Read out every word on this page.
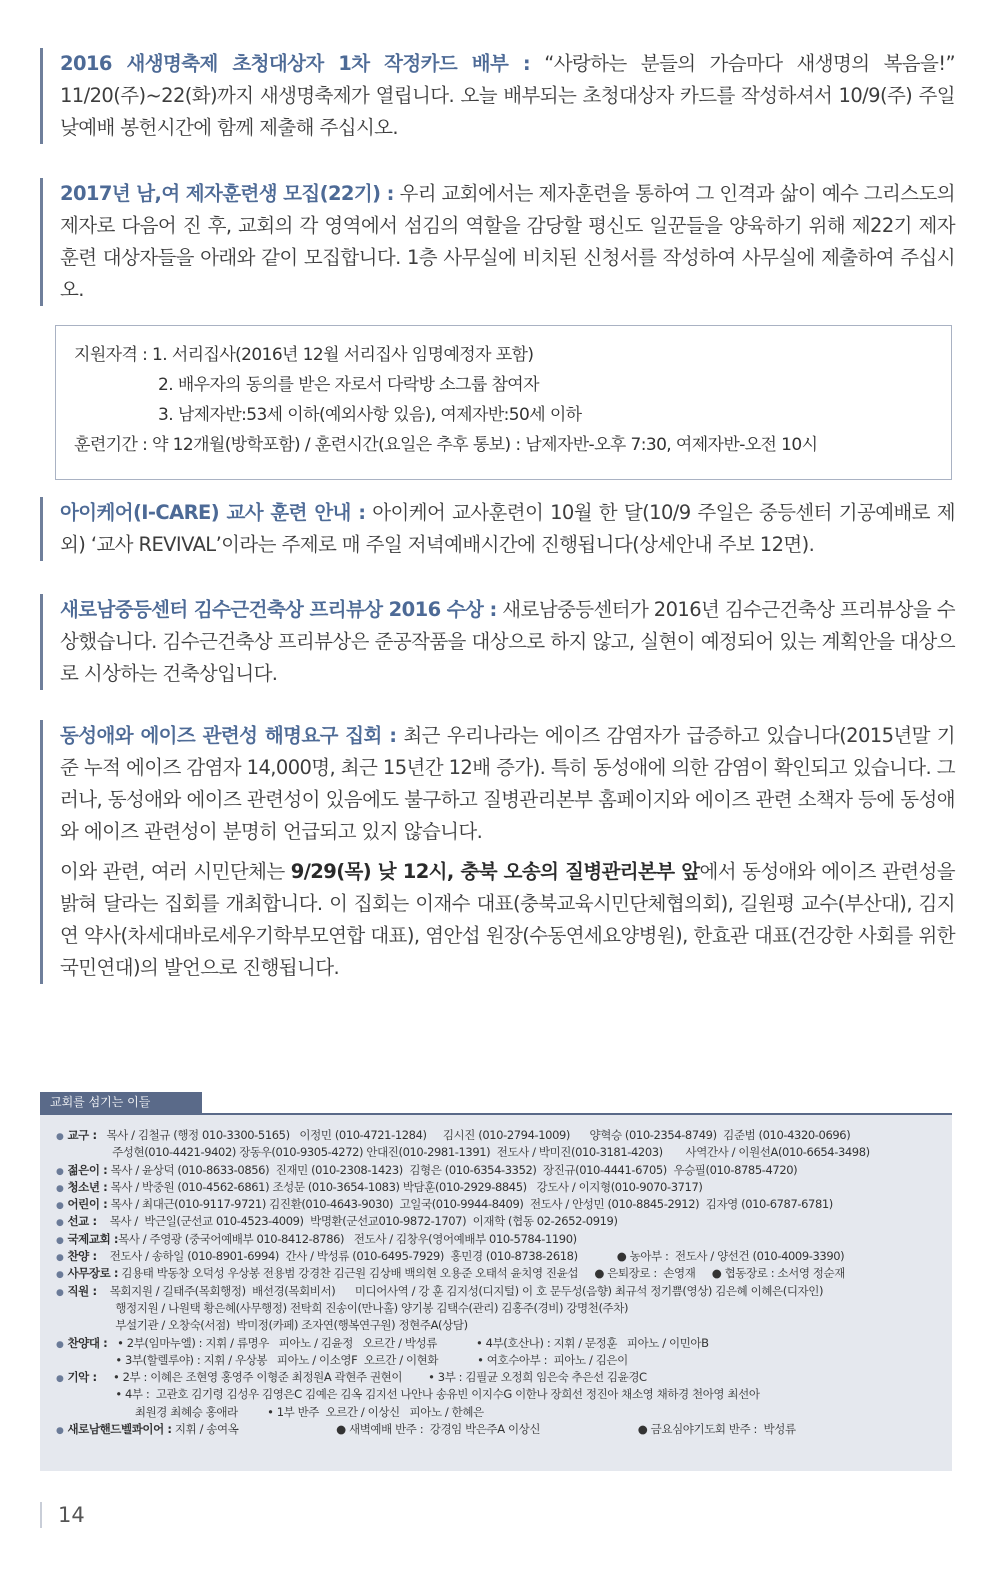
2016 새생명축제 초청대상자 1차 작정카드 배부 : “사랑하는 분들의 가슴마다 새생명의 복음을!” 11/20(주)~22(화)까지 새생명축제가 열립니다. 오늘 배부되는 초청대상자 카드를 작성하셔서 10/9(주) 주일 낮예배 봉헌시간에 함께 제출해 주십시오.

2017년 남,여 제자훈련생 모집(22기) : 우리 교회에서는 제자훈련을 통하여 그 인격과 삶이 예수 그리스도의 제자로 다음어 진 후, 교회의 각 영역에서 섬김의 역할을 감당할 평신도 일꾼들을 양육하기 위해 제22기 제자훈련 대상자들을 아래와 같이 모집합니다. 1층 사무실에 비치된 신청서를 작성하여 사무실에 제출하여 주십시오.

지원자격 : 1. 서리집사(2016년 12월 서리집사 임명예정자 포함)
2. 배우자의 동의를 받은 자로서 다락방 소그룹 참여자
3. 남제자반:53세 이하(예외사항 있음), 여제자반:50세 이하
훈련기간 : 약 12개월(방학포함) / 훈련시간(요일은 추후 통보) : 남제자반-오후 7:30, 여제자반-오전 10시

아이케어(I-CARE) 교사 훈련 안내 : 아이케어 교사훈련이 10월 한 달(10/9 주일은 중등센터 기공예배로 제외) ‘교사 REVIVAL’이라는 주제로 매 주일 저녁예배시간에 진행됩니다(상세안내 주보 12면).

새로남중등센터 김수근건축상 프리뷰상 2016 수상 : 새로남중등센터가 2016년 김수근건축상 프리뷰상을 수상했습니다. 김수근건축상 프리뷰상은 준공작품을 대상으로 하지 않고, 실현이 예정되어 있는 계획안을 대상으로 시상하는 건축상입니다.

동성애와 에이즈 관련성 해명요구 집회 : 최근 우리나라는 에이즈 감염자가 급증하고 있습니다(2015년말 기준 누적 에이즈 감염자 14,000명, 최근 15년간 12배 증가). 특히 동성애에 의한 감염이 확인되고 있습니다. 그러나, 동성애와 에이즈 관련성이 있음에도 불구하고 질병관리본부 홈페이지와 에이즈 관련 소책자 등에 동성애와 에이즈 관련성이 분명히 언급되고 있지 않습니다.

이와 관련, 여러 시민단체는 9/29(목) 낮 12시, 충북 오송의 질병관리본부 앞에서 동성애와 에이즈 관련성을 밝혀 달라는 집회를 개최합니다. 이 집회는 이재수 대표(충북교육시민단체협의회), 길원평 교수(부산대), 김지연 약사(차세대바로세우기학부모연합 대표), 염안섭 원장(수동연세요양병원), 한효관 대표(건강한 사회를 위한 국민연대)의 발언으로 진행됩니다.

교회를 섬기는 이들
● 교구 :   목사 / 김철규 (행정 010-3300-5165)   이정민 (010-4721-1284)     김시진 (010-2794-1009)      양혁승 (010-2354-8749)  김준범 (010-4320-0696)
주성현(010-4421-9402) 장동우(010-9305-4272) 안대진(010-2981-1391)  전도사 / 박미진(010-3181-4203)       사역간사 / 이원선A(010-6654-3498)
● 젊은이 : 목사 / 윤상덕 (010-8633-0856)  진재민 (010-2308-1423)  김형은 (010-6354-3352)  장진규(010-4441-6705)  우승필(010-8785-4720)
● 청소년 : 목사 / 박중원 (010-4562-6861) 조성문 (010-3654-1083) 박담훈(010-2929-8845)   강도사 / 이지형(010-9070-3717)
● 어린이 : 목사 / 최대근(010-9117-9721) 김진환(010-4643-9030)  고일국(010-9944-8409)  전도사 / 안성민 (010-8845-2912)  김자영 (010-6787-6781)
● 선교 :    목사 /  박근일(군선교 010-4523-4009)  박명환(군선교010-9872-1707)  이재학 (협동 02-2652-0919)
● 국제교회 :목사 / 주영광 (중국어예배부 010-8412-8786)   전도사 / 김창우(영어예배부 010-5784-1190)
● 찬양 :    전도사 / 송하일 (010-8901-6994)  간사 / 박성류 (010-6495-7929)  홍민경 (010-8738-2618)            ● 농아부 :  전도사 / 양선건 (010-4009-3390)
● 사무장로 : 김용태 박동창 오덕성 우상봉 전용범 강경찬 김근원 김상배 백의현 오용준 오태석 윤치영 진윤섭     ● 은퇴장로 :  손영재     ● 협동장로 : 소서영 정순재
● 직원 :    목회지원 / 길태주(목회행정)  배선경(목회비서)      미디어사역 / 강 훈 김지성(디지털) 이 호 문두성(음향) 최규석 정기쁨(영상) 김은혜 이혜은(디자인)
행정지원 / 나원택 황은혜(사무행정) 전탁희 진송이(만나홀) 양기봉 김택수(관리) 김홍주(경비) 강명천(주차)
부설기관 / 오창숙(서점)  박미정(카페) 조자연(행복연구원) 정현주A(상담)
● 찬양대 :   • 2부(임마누엘) : 지휘 / 류명우   피아노 / 김윤정   오르간 / 박성류            • 4부(호산나) : 지휘 / 문정훈   피아노 / 이민아B
• 3부(할렐루야) : 지휘 / 우상봉   피아노 / 이소영F  오르간 / 이현화            • 여호수아부 :  피아노 / 김은이
● 기악 :     • 2부 : 이혜은 조현영 홍영주 이형준 최정원A 곽현주 권현이        • 3부 : 김필균 오정희 임은숙 추은선 김윤경C
• 4부 :  고관호 김기령 김성우 김영은C 김예은 김옥 김지선 나안나 송유빈 이지수G 이한나 장희선 정진아 채소영 채하경 천아영 최선아
최원경 최혜승 홍애라         • 1부 반주  오르간 / 이상신   피아노 / 한혜은
● 새로남핸드벨콰이어 : 지휘 / 송여옥                              ● 새벽예배 반주 :  강경임 박은주A 이상신                              ● 금요심야기도회 반주 :  박성류
14
